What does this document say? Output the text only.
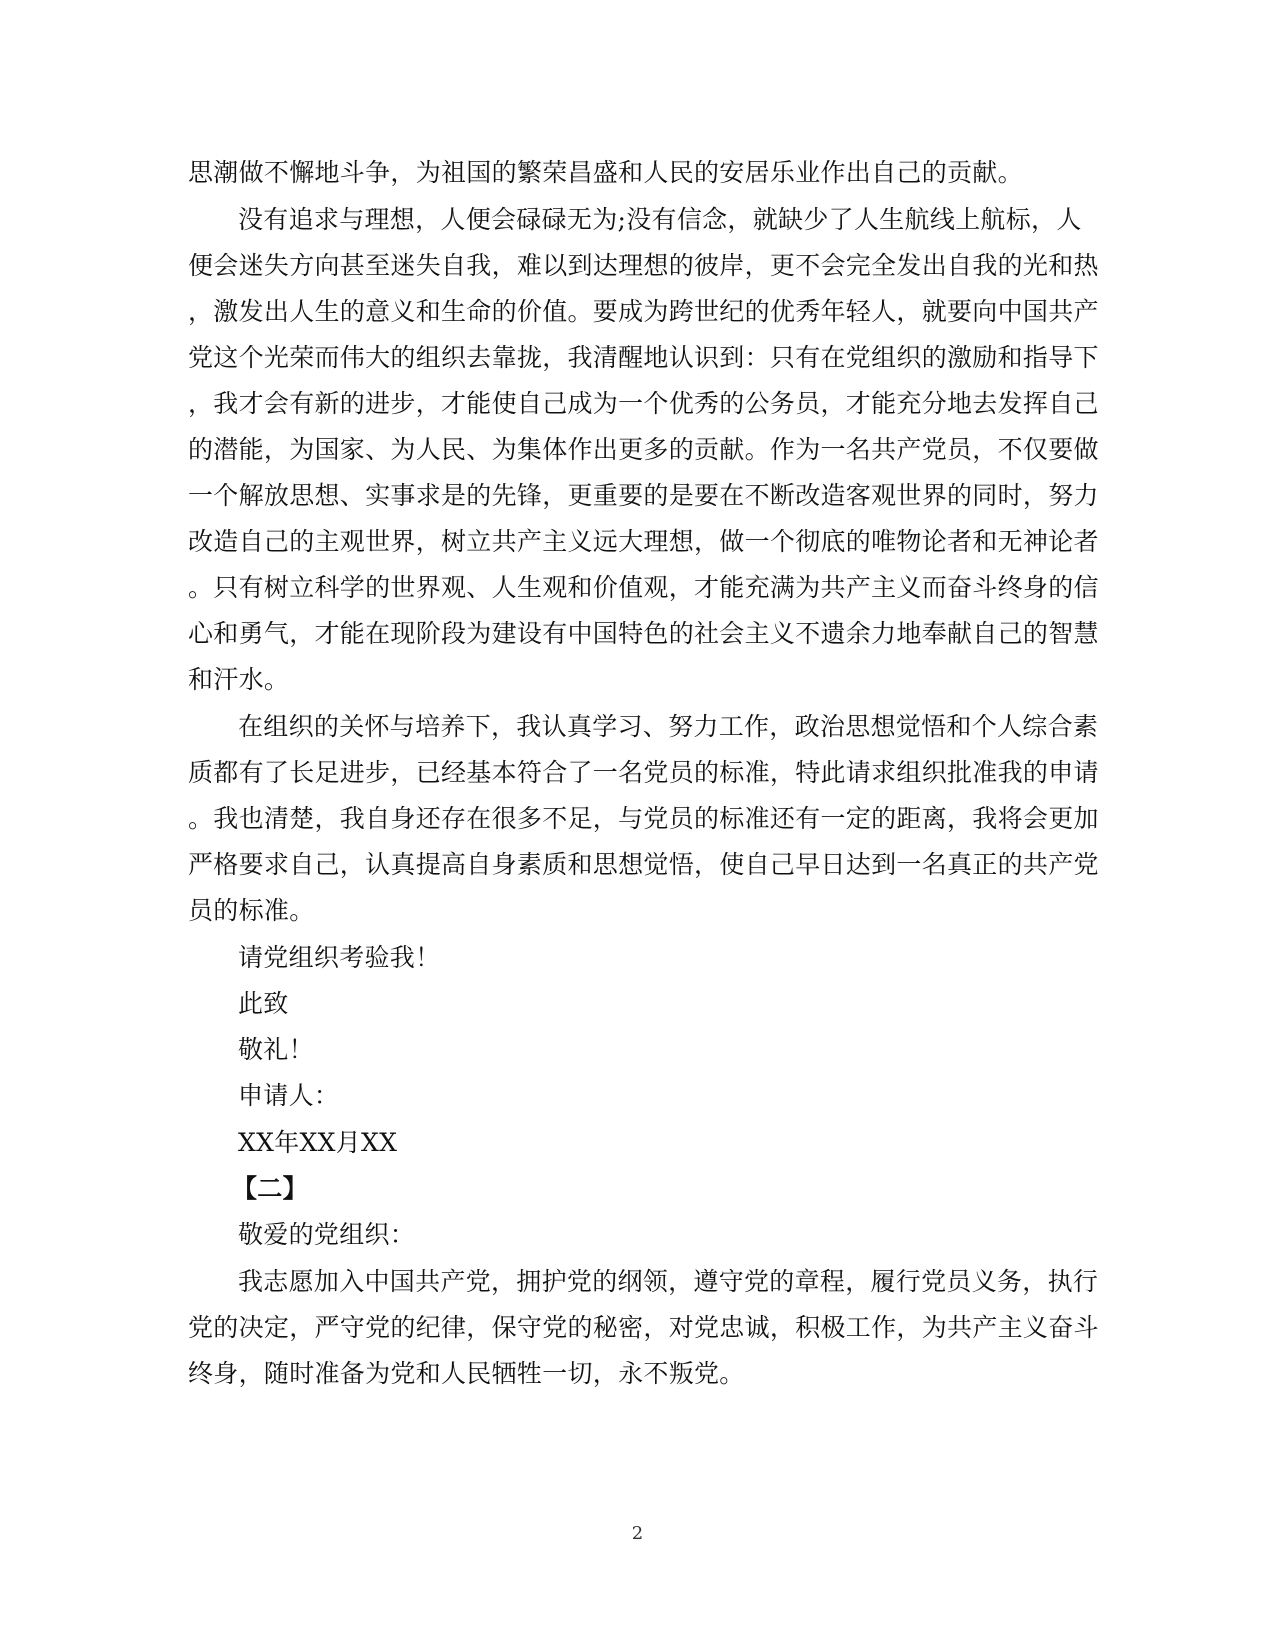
思潮做不懈地斗争，为祖国的繁荣昌盛和人民的安居乐业作出自己的贡献。
没有追求与理想，人便会碌碌无为;没有信念，就缺少了人生航线上航标，人
便会迷失方向甚至迷失自我，难以到达理想的彼岸，更不会完全发出自我的光和热
，激发出人生的意义和生命的价值。要成为跨世纪的优秀年轻人，就要向中国共产
党这个光荣而伟大的组织去靠拢，我清醒地认识到：只有在党组织的激励和指导下
，我才会有新的进步，才能使自己成为一个优秀的公务员，才能充分地去发挥自己
的潜能，为国家、为人民、为集体作出更多的贡献。作为一名共产党员，不仅要做
一个解放思想、实事求是的先锋，更重要的是要在不断改造客观世界的同时，努力
改造自己的主观世界，树立共产主义远大理想，做一个彻底的唯物论者和无神论者
。只有树立科学的世界观、人生观和价值观，才能充满为共产主义而奋斗终身的信
心和勇气，才能在现阶段为建设有中国特色的社会主义不遗余力地奉献自己的智慧
和汗水。
在组织的关怀与培养下，我认真学习、努力工作，政治思想觉悟和个人综合素
质都有了长足进步，已经基本符合了一名党员的标准，特此请求组织批准我的申请
。我也清楚，我自身还存在很多不足，与党员的标准还有一定的距离，我将会更加
严格要求自己，认真提高自身素质和思想觉悟，使自己早日达到一名真正的共产党
员的标准。
请党组织考验我！
此致
敬礼！
申请人：
XX年XX月XX
【二】
敬爱的党组织：
我志愿加入中国共产党，拥护党的纲领，遵守党的章程，履行党员义务，执行
党的决定，严守党的纪律，保守党的秘密，对党忠诚，积极工作，为共产主义奋斗
终身，随时准备为党和人民牺牲一切，永不叛党。
2
